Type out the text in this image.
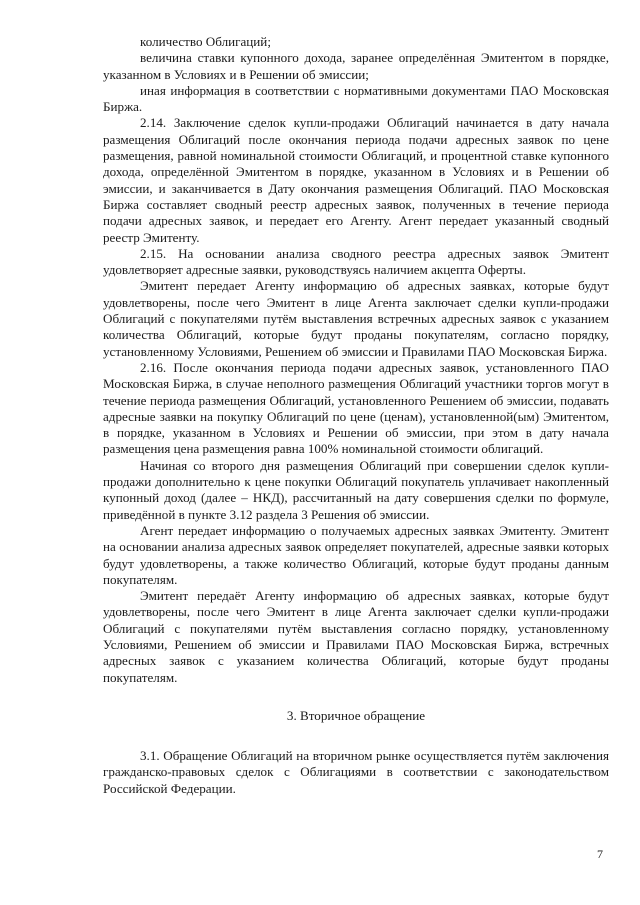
количество Облигаций;

величина ставки купонного дохода, заранее определённая Эмитентом в порядке, указанном в Условиях и в Решении об эмиссии;

иная информация в соответствии с нормативными документами ПАО Московская Биржа.

2.14. Заключение сделок купли-продажи Облигаций начинается в дату начала размещения Облигаций после окончания периода подачи адресных заявок по цене размещения, равной номинальной стоимости Облигаций, и процентной ставке купонного дохода, определённой Эмитентом в порядке, указанном в Условиях и в Решении об эмиссии, и заканчивается в Дату окончания размещения Облигаций. ПАО Московская Биржа составляет сводный реестр адресных заявок, полученных в течение периода подачи адресных заявок, и передает его Агенту. Агент передает указанный сводный реестр Эмитенту.

2.15. На основании анализа сводного реестра адресных заявок Эмитент удовлетворяет адресные заявки, руководствуясь наличием акцепта Оферты.

Эмитент передает Агенту информацию об адресных заявках, которые будут удовлетворены, после чего Эмитент в лице Агента заключает сделки купли-продажи Облигаций с покупателями путём выставления встречных адресных заявок с указанием количества Облигаций, которые будут проданы покупателям, согласно порядку, установленному Условиями, Решением об эмиссии и Правилами ПАО Московская Биржа.

2.16. После окончания периода подачи адресных заявок, установленного ПАО Московская Биржа, в случае неполного размещения Облигаций участники торгов могут в течение периода размещения Облигаций, установленного Решением об эмиссии, подавать адресные заявки на покупку Облигаций по цене (ценам), установленной(ым) Эмитентом, в порядке, указанном в Условиях и Решении об эмиссии, при этом в дату начала размещения цена размещения равна 100% номинальной стоимости облигаций.

Начиная со второго дня размещения Облигаций при совершении сделок купли-продажи дополнительно к цене покупки Облигаций покупатель уплачивает накопленный купонный доход (далее – НКД), рассчитанный на дату совершения сделки по формуле, приведённой в пункте 3.12 раздела 3 Решения об эмиссии.

Агент передает информацию о получаемых адресных заявках Эмитенту. Эмитент на основании анализа адресных заявок определяет покупателей, адресные заявки которых будут удовлетворены, а также количество Облигаций, которые будут проданы данным покупателям.

Эмитент передаёт Агенту информацию об адресных заявках, которые будут удовлетворены, после чего Эмитент в лице Агента заключает сделки купли-продажи Облигаций с покупателями путём выставления согласно порядку, установленному Условиями, Решением об эмиссии и Правилами ПАО Московская Биржа, встречных адресных заявок с указанием количества Облигаций, которые будут проданы покупателям.

3. Вторичное обращение

3.1. Обращение Облигаций на вторичном рынке осуществляется путём заключения гражданско-правовых сделок с Облигациями в соответствии с законодательством Российской Федерации.

7
